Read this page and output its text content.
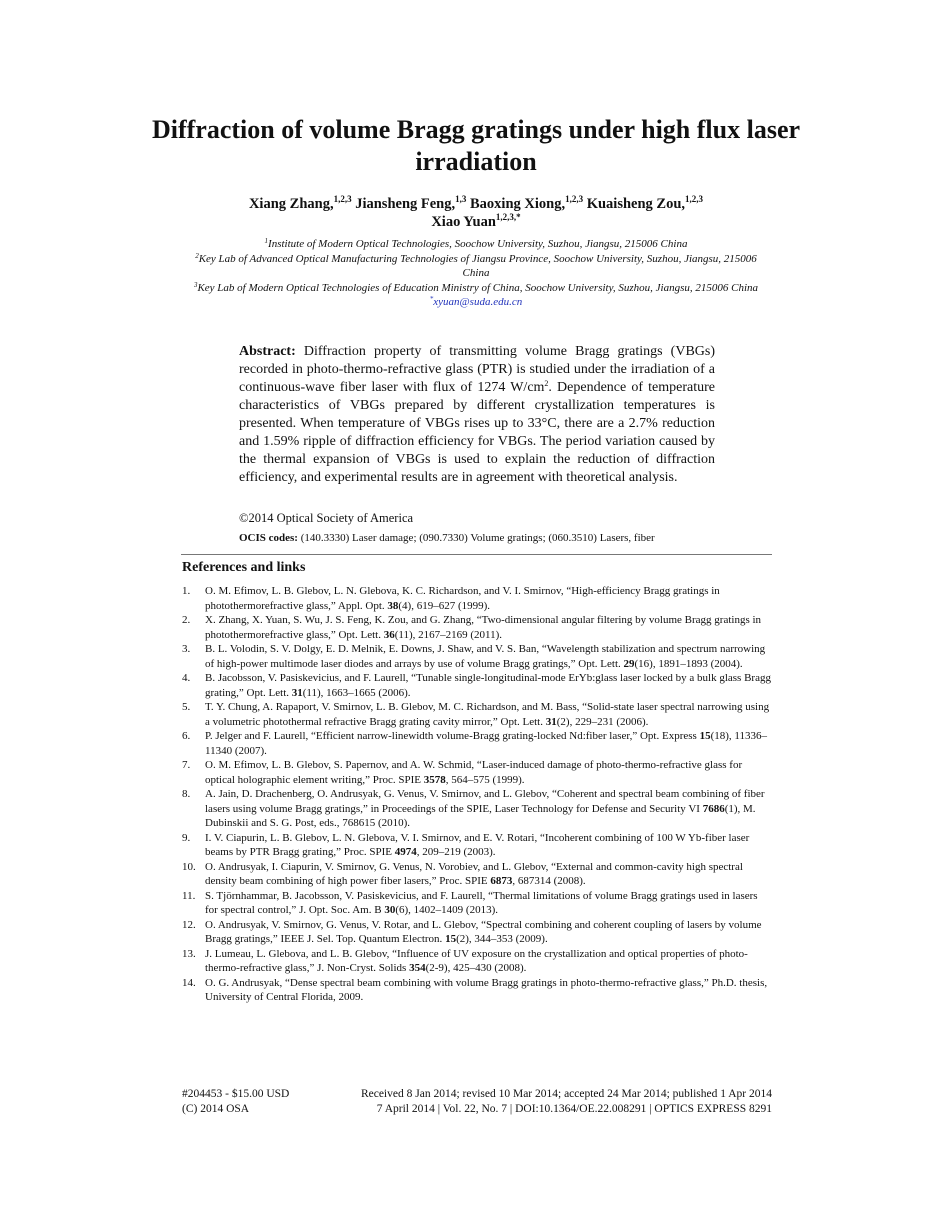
Diffraction of volume Bragg gratings under high flux laser irradiation
Xiang Zhang,$^{1,2,3}$ Jiansheng Feng,$^{1,3}$ Baoxing Xiong,$^{1,2,3}$ Kuaisheng Zou,$^{1,2,3}$
Xiao Yuan$^{1,2,3,*}$
$^1$Institute of Modern Optical Technologies, Soochow University, Suzhou, Jiangsu, 215006 China
$^2$Key Lab of Advanced Optical Manufacturing Technologies of Jiangsu Province, Soochow University, Suzhou, Jiangsu, 215006 China
$^3$Key Lab of Modern Optical Technologies of Education Ministry of China, Soochow University, Suzhou, Jiangsu, 215006 China
*xyuan@suda.edu.cn
Abstract: Diffraction property of transmitting volume Bragg gratings (VBGs) recorded in photo-thermo-refractive glass (PTR) is studied under the irradiation of a continuous-wave fiber laser with flux of 1274 $W/cm^2$. Dependence of temperature characteristics of VBGs prepared by different crystallization temperatures is presented. When temperature of VBGs rises up to 33°C, there are a 2.7% reduction and 1.59% ripple of diffraction efficiency for VBGs. The period variation caused by the thermal expansion of VBGs is used to explain the reduction of diffraction efficiency, and experimental results are in agreement with theoretical analysis.
©2014 Optical Society of America
OCIS codes: (140.3330) Laser damage; (090.7330) Volume gratings; (060.3510) Lasers, fiber
References and links
1. O. M. Efimov, L. B. Glebov, L. N. Glebova, K. C. Richardson, and V. I. Smirnov, “High-efficiency Bragg gratings in photothermorefractive glass,” Appl. Opt. 38(4), 619–627 (1999).
2. X. Zhang, X. Yuan, S. Wu, J. S. Feng, K. Zou, and G. Zhang, “Two-dimensional angular filtering by volume Bragg gratings in photothermorefractive glass,” Opt. Lett. 36(11), 2167–2169 (2011).
3. B. L. Volodin, S. V. Dolgy, E. D. Melnik, E. Downs, J. Shaw, and V. S. Ban, “Wavelength stabilization and spectrum narrowing of high-power multimode laser diodes and arrays by use of volume Bragg gratings,” Opt. Lett. 29(16), 1891–1893 (2004).
4. B. Jacobsson, V. Pasiskevicius, and F. Laurell, “Tunable single-longitudinal-mode ErYb:glass laser locked by a bulk glass Bragg grating,” Opt. Lett. 31(11), 1663–1665 (2006).
5. T. Y. Chung, A. Rapaport, V. Smirnov, L. B. Glebov, M. C. Richardson, and M. Bass, “Solid-state laser spectral narrowing using a volumetric photothermal refractive Bragg grating cavity mirror,” Opt. Lett. 31(2), 229–231 (2006).
6. P. Jelger and F. Laurell, “Efficient narrow-linewidth volume-Bragg grating-locked Nd:fiber laser,” Opt. Express 15(18), 11336–11340 (2007).
7. O. M. Efimov, L. B. Glebov, S. Papernov, and A. W. Schmid, “Laser-induced damage of photo-thermo-refractive glass for optical holographic element writing,” Proc. SPIE 3578, 564–575 (1999).
8. A. Jain, D. Drachenberg, O. Andrusyak, G. Venus, V. Smirnov, and L. Glebov, “Coherent and spectral beam combining of fiber lasers using volume Bragg gratings,” in Proceedings of the SPIE, Laser Technology for Defense and Security VI 7686(1), M. Dubinskii and S. G. Post, eds., 768615 (2010).
9. I. V. Ciapurin, L. B. Glebov, L. N. Glebova, V. I. Smirnov, and E. V. Rotari, “Incoherent combining of 100 W Yb-fiber laser beams by PTR Bragg grating,” Proc. SPIE 4974, 209–219 (2003).
10. O. Andrusyak, I. Ciapurin, V. Smirnov, G. Venus, N. Vorobiev, and L. Glebov, “External and common-cavity high spectral density beam combining of high power fiber lasers,” Proc. SPIE 6873, 687314 (2008).
11. S. Tjörnhammar, B. Jacobsson, V. Pasiskevicius, and F. Laurell, “Thermal limitations of volume Bragg gratings used in lasers for spectral control,” J. Opt. Soc. Am. B 30(6), 1402–1409 (2013).
12. O. Andrusyak, V. Smirnov, G. Venus, V. Rotar, and L. Glebov, “Spectral combining and coherent coupling of lasers by volume Bragg gratings,” IEEE J. Sel. Top. Quantum Electron. 15(2), 344–353 (2009).
13. J. Lumeau, L. Glebova, and L. B. Glebov, “Influence of UV exposure on the crystallization and optical properties of photo-thermo-refractive glass,” J. Non-Cryst. Solids 354(2-9), 425–430 (2008).
14. O. G. Andrusyak, “Dense spectral beam combining with volume Bragg gratings in photo-thermo-refractive glass,” Ph.D. thesis, University of Central Florida, 2009.
#204453 - $15.00 USD	Received 8 Jan 2014; revised 10 Mar 2014; accepted 24 Mar 2014; published 1 Apr 2014
(C) 2014 OSA	7 April 2014 | Vol. 22, No. 7 | DOI:10.1364/OE.22.008291 | OPTICS EXPRESS 8291
